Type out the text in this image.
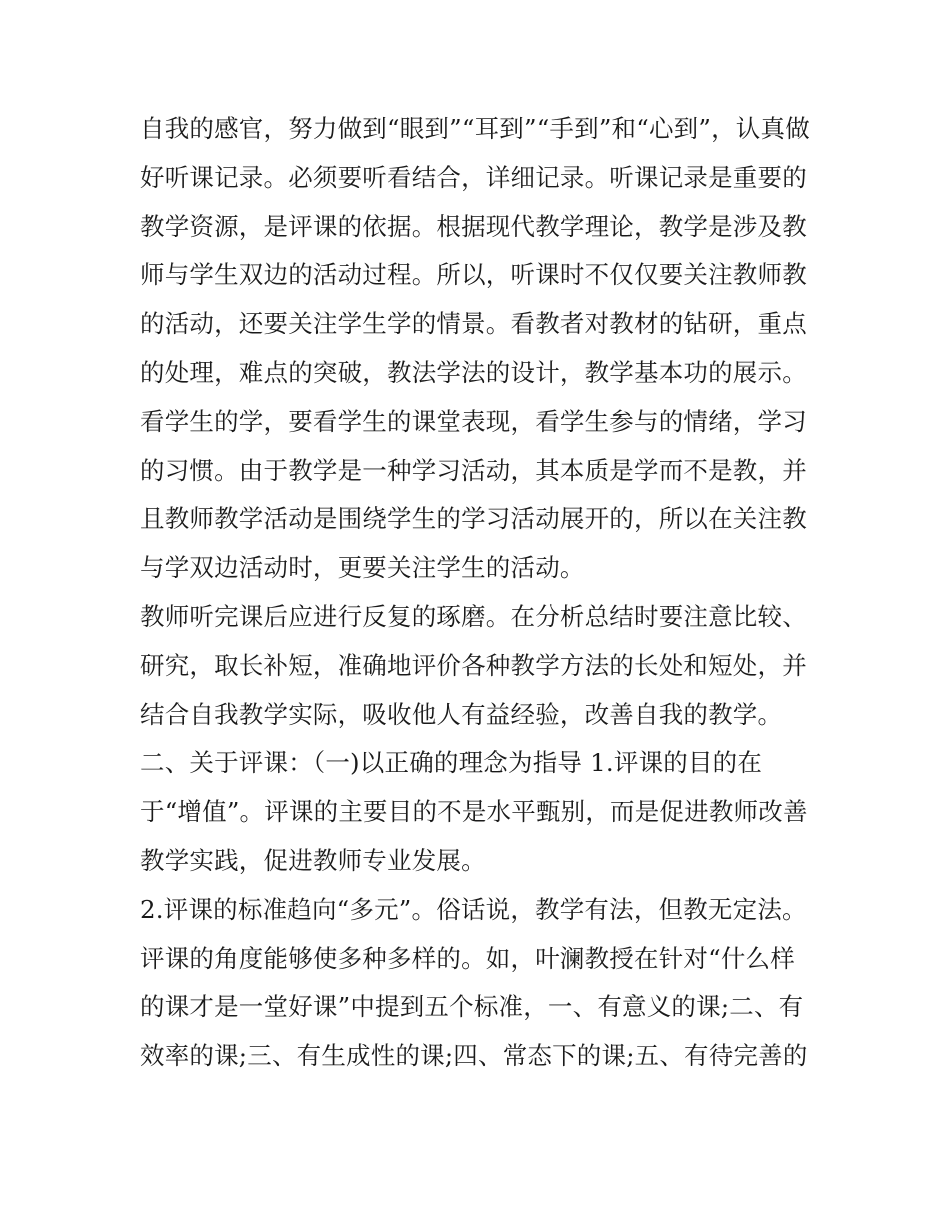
自我的感官，努力做到“眼到”“耳到”“手到”和“心到”，认真做
好听课记录。必须要听看结合，详细记录。听课记录是重要的
教学资源，是评课的依据。根据现代教学理论，教学是涉及教
师与学生双边的活动过程。所以，听课时不仅仅要关注教师教
的活动，还要关注学生学的情景。看教者对教材的钻研，重点
的处理，难点的突破，教法学法的设计，教学基本功的展示。
看学生的学，要看学生的课堂表现，看学生参与的情绪，学习
的习惯。由于教学是一种学习活动，其本质是学而不是教，并
且教师教学活动是围绕学生的学习活动展开的，所以在关注教
与学双边活动时，更要关注学生的活动。
教师听完课后应进行反复的琢磨。在分析总结时要注意比较、
研究，取长补短，准确地评价各种教学方法的长处和短处，并
结合自我教学实际，吸收他人有益经验，改善自我的教学。
二、关于评课：（一)以正确的理念为指导 1.评课的目的在
于“增值”。评课的主要目的不是水平甄别，而是促进教师改善
教学实践，促进教师专业发展。
2.评课的标准趋向“多元”。俗话说，教学有法，但教无定法。
评课的角度能够使多种多样的。如，叶澜教授在针对“什么样
的课才是一堂好课”中提到五个标准，一、有意义的课;二、有
效率的课;三、有生成性的课;四、常态下的课;五、有待完善的
